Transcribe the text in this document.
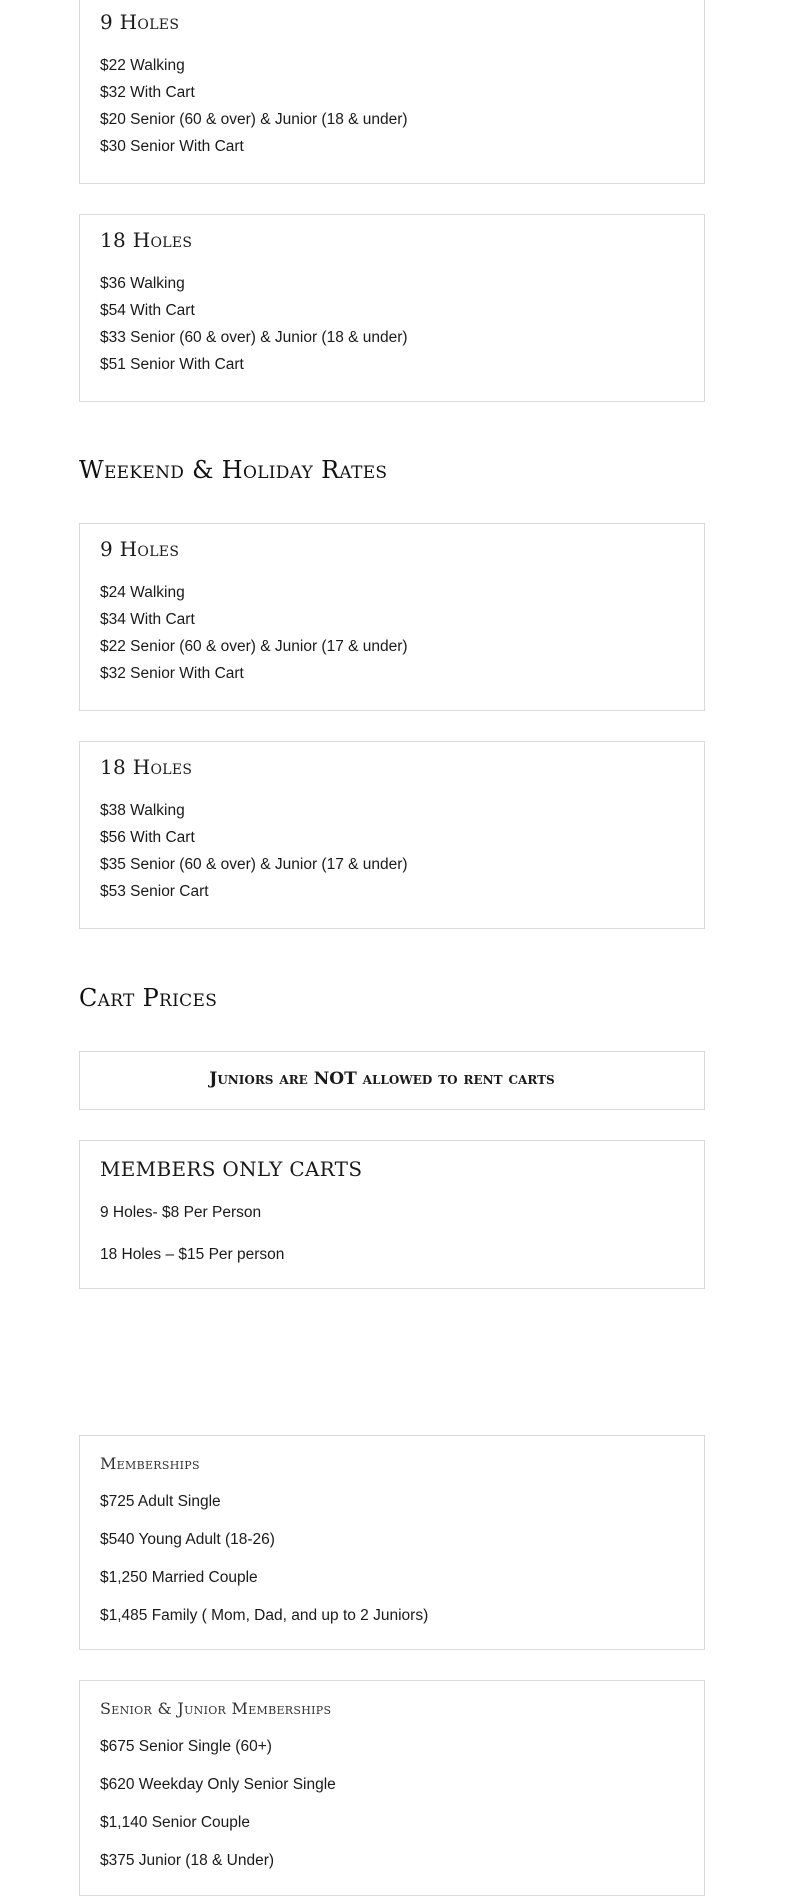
9 Holes
$22 Walking
$32 With Cart
$20 Senior (60 & over) & Junior (18 & under)
$30 Senior With Cart
18 Holes
$36 Walking
$54 With Cart
$33 Senior (60 & over) & Junior (18 & under)
$51 Senior With Cart
Weekend & Holiday Rates
9 Holes
$24 Walking
$34 With Cart
$22 Senior (60 & over) & Junior (17 & under)
$32 Senior With Cart
18 Holes
$38 Walking
$56 With Cart
$35 Senior (60 & over) & Junior (17 & under)
$53 Senior Cart
Cart Prices
Juniors are NOT allowed to rent carts
MEMBERS ONLY CARTS
9 Holes- $8 Per Person
18 Holes – $15 Per person
Memberships
$725 Adult Single
$540 Young Adult (18-26)
$1,250 Married Couple
$1,485 Family ( Mom, Dad, and up to 2 Juniors)
Senior & Junior Memberships
$675 Senior Single (60+)
$620 Weekday Only Senior Single
$1,140 Senior Couple
$375 Junior (18 & Under)
